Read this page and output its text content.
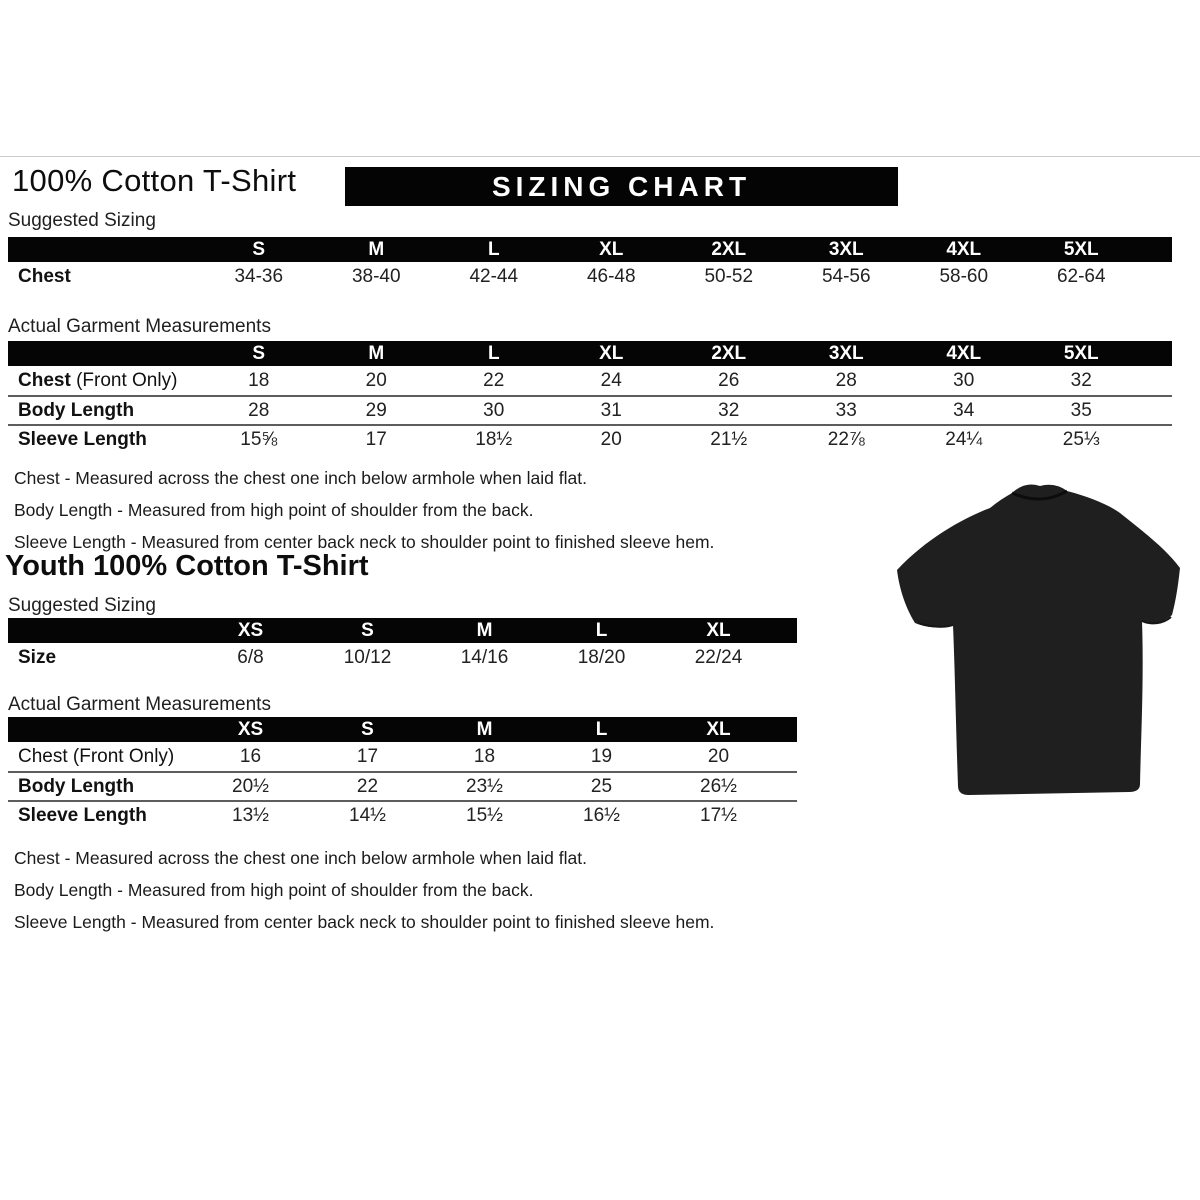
100% Cotton T-Shirt	SIZING CHART
Suggested Sizing
S	M	L	XL	2XL	3XL	4XL	5XL
Chest	34-36	38-40	42-44	46-48	50-52	54-56	58-60	62-64
Actual Garment Measurements
S	M	L	XL	2XL	3XL	4XL	5XL
Chest (Front Only)	18	20	22	24	26	28	30	32
Body Length	28	29	30	31	32	33	34	35
Sleeve Length	15⅝	17	18½	20	21½	22⅞	24¼	25⅓
Chest - Measured across the chest one inch below armhole when laid flat.
Body Length - Measured from high point of shoulder from the back.
Sleeve Length - Measured from center back neck to shoulder point to finished sleeve hem.
Youth 100% Cotton T-Shirt
Suggested Sizing
XS	S	M	L	XL
Size	6/8	10/12	14/16	18/20	22/24
Actual Garment Measurements
XS	S	M	L	XL
Chest (Front Only)	16	17	18	19	20
Body Length	20½	22	23½	25	26½
Sleeve Length	13½	14½	15½	16½	17½
Chest - Measured across the chest one inch below armhole when laid flat.
Body Length - Measured from high point of shoulder from the back.
Sleeve Length - Measured from center back neck to shoulder point to finished sleeve hem.
